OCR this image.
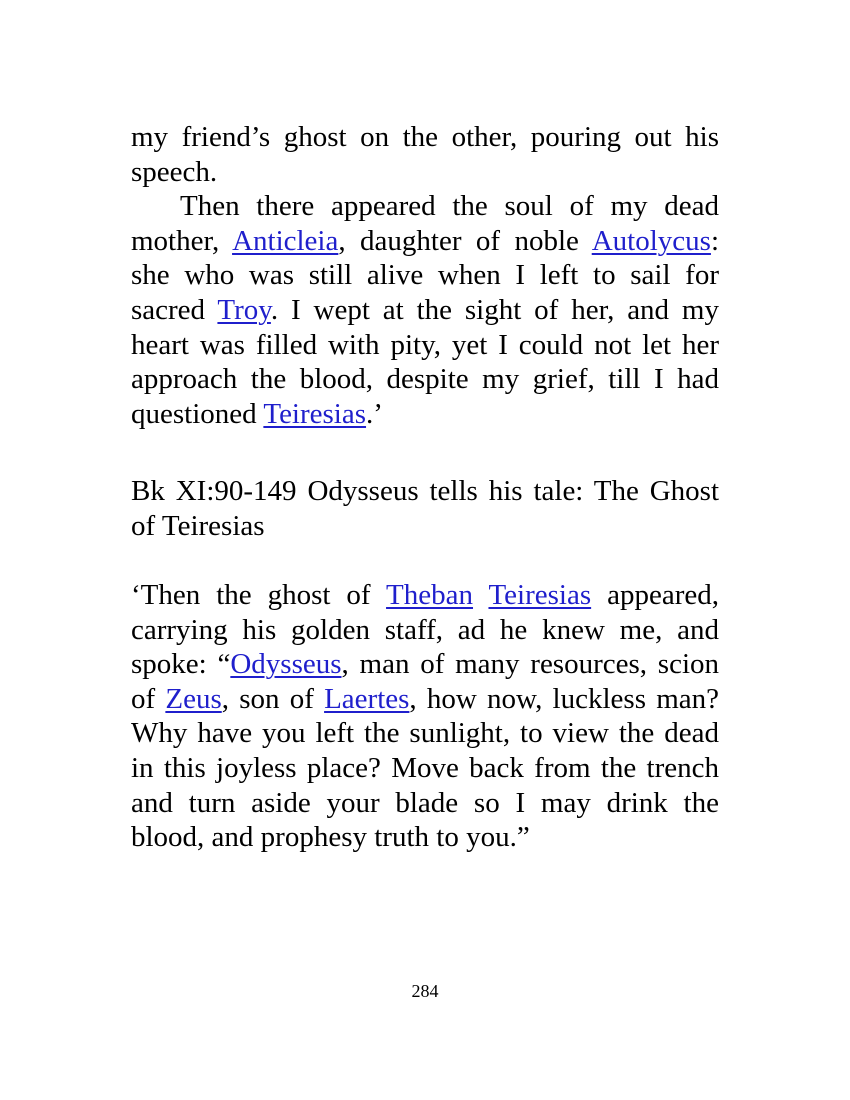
my friend’s ghost on the other, pouring out his speech.

Then there appeared the soul of my dead mother, Anticleia, daughter of noble Autolycus: she who was still alive when I left to sail for sacred Troy. I wept at the sight of her, and my heart was filled with pity, yet I could not let her approach the blood, despite my grief, till I had questioned Teiresias.’

Bk XI:90-149 Odysseus tells his tale: The Ghost of Teiresias

‘Then the ghost of Theban Teiresias appeared, carrying his golden staff, ad he knew me, and spoke: “Odysseus, man of many resources, scion of Zeus, son of Laertes, how now, luckless man? Why have you left the sunlight, to view the dead in this joyless place? Move back from the trench and turn aside your blade so I may drink the blood, and prophesy truth to you.”

284
